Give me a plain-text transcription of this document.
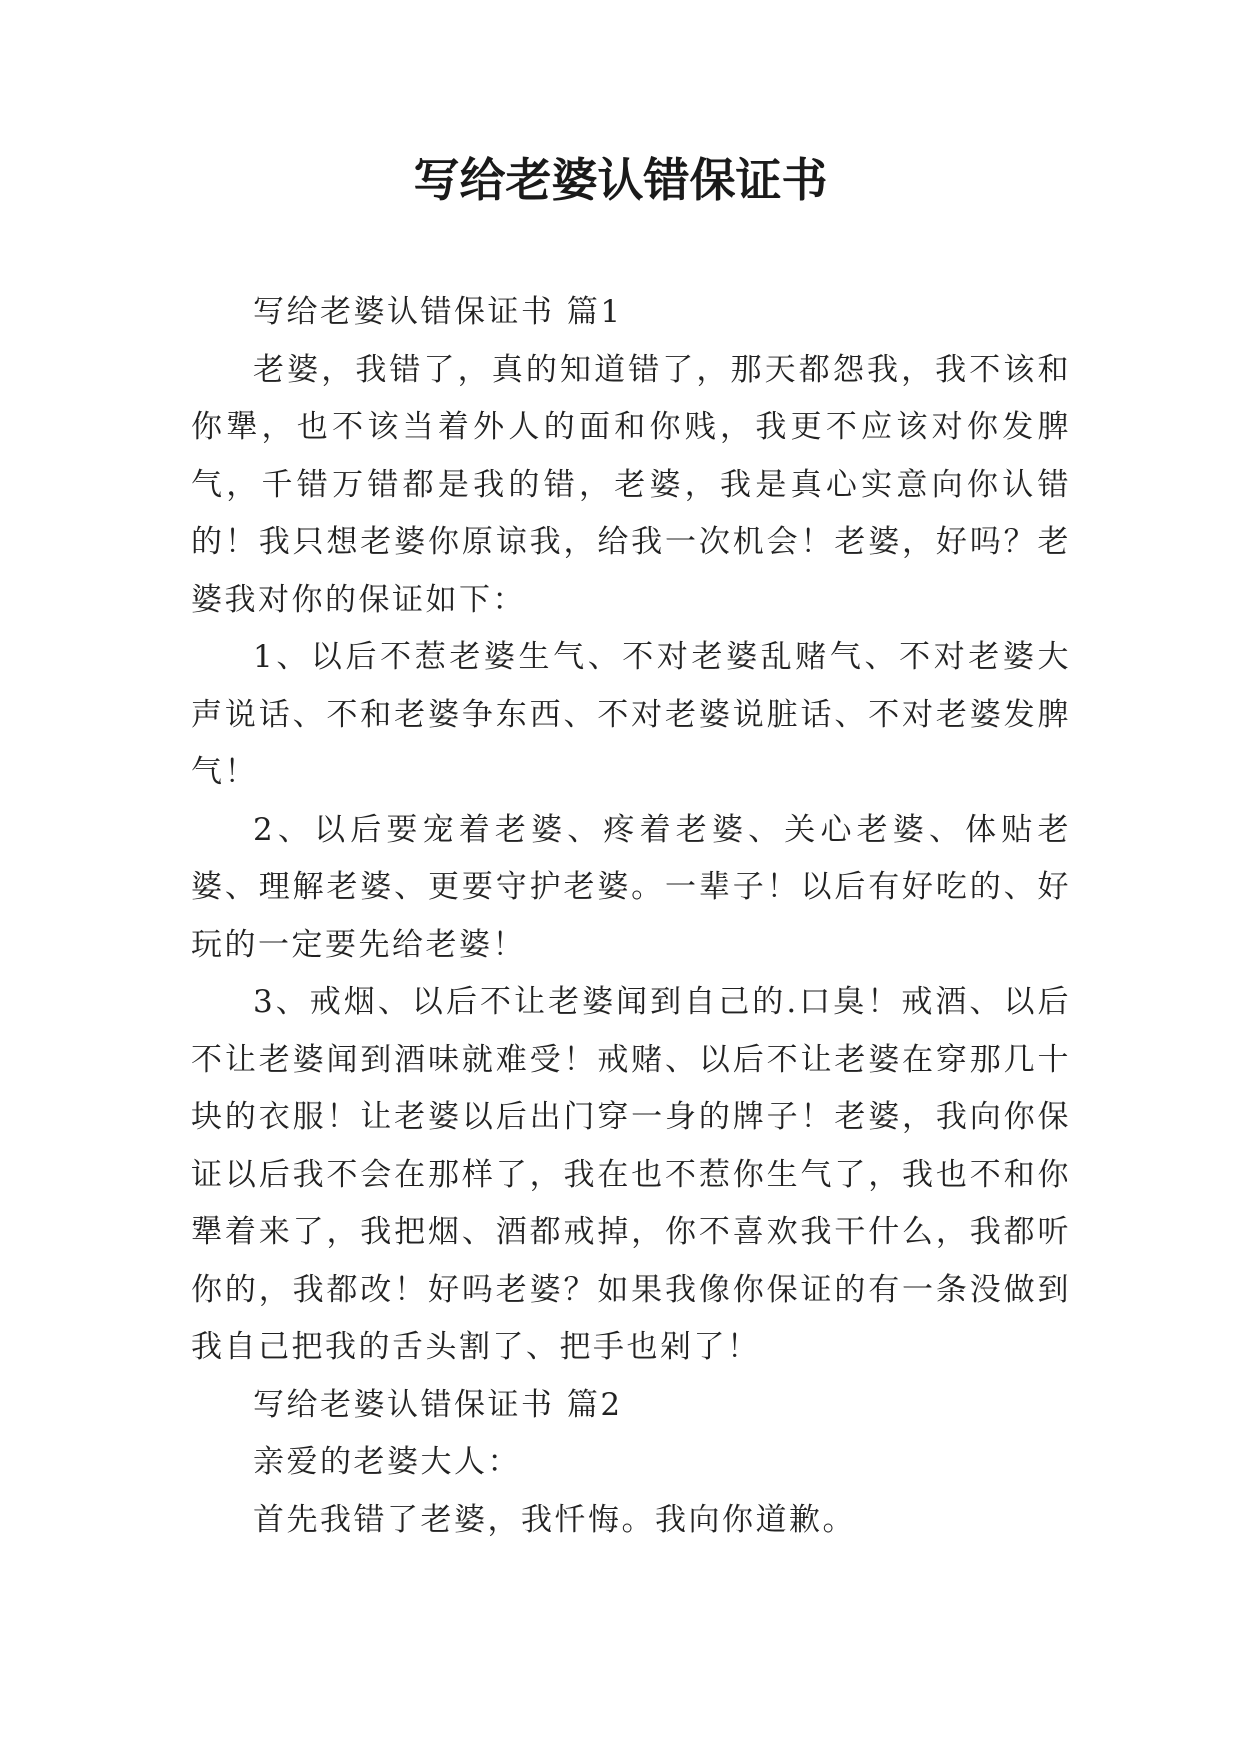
写给老婆认错保证书

写给老婆认错保证书 篇1

老婆，我错了，真的知道错了，那天都怨我，我不该和你犟，也不该当着外人的面和你贱，我更不应该对你发脾气，千错万错都是我的错，老婆，我是真心实意向你认错的！我只想老婆你原谅我，给我一次机会！老婆，好吗？老婆我对你的保证如下：

1、以后不惹老婆生气、不对老婆乱赌气、不对老婆大声说话、不和老婆争东西、不对老婆说脏话、不对老婆发脾气！

2、以后要宠着老婆、疼着老婆、关心老婆、体贴老婆、理解老婆、更要守护老婆。一辈子！以后有好吃的、好玩的一定要先给老婆！

3、戒烟、以后不让老婆闻到自己的.口臭！戒酒、以后不让老婆闻到酒味就难受！戒赌、以后不让老婆在穿那几十块的衣服！让老婆以后出门穿一身的牌子！老婆，我向你保证以后我不会在那样了，我在也不惹你生气了，我也不和你犟着来了，我把烟、酒都戒掉，你不喜欢我干什么，我都听你的，我都改！好吗老婆？如果我像你保证的有一条没做到我自己把我的舌头割了、把手也剁了！

写给老婆认错保证书 篇2

亲爱的老婆大人：

首先我错了老婆，我忏悔。我向你道歉。
